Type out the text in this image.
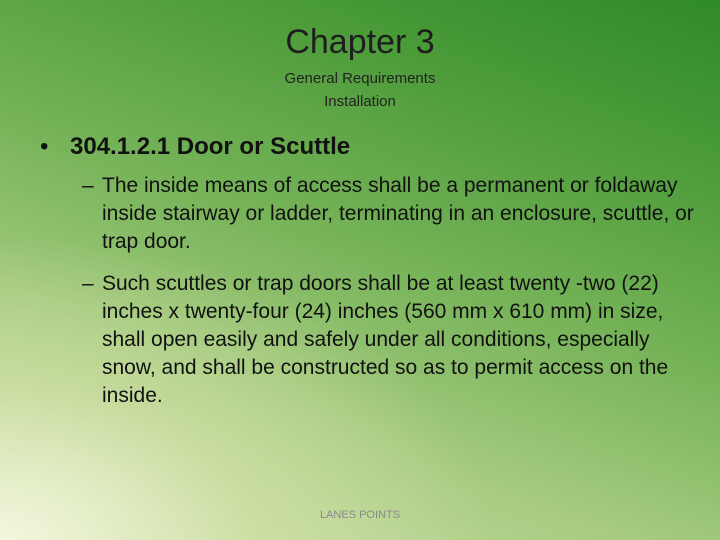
Chapter 3
General Requirements
Installation
• 304.1.2.1 Door or Scuttle
– The inside means of access shall be a permanent or foldaway inside stairway or ladder, terminating in an enclosure, scuttle, or trap door.
– Such scuttles or trap doors shall be at least twenty -two (22) inches x twenty-four (24) inches (560 mm x 610 mm) in size, shall open easily and safely under all conditions, especially snow, and shall be constructed so as to permit access on the inside.
LANES POINTS
